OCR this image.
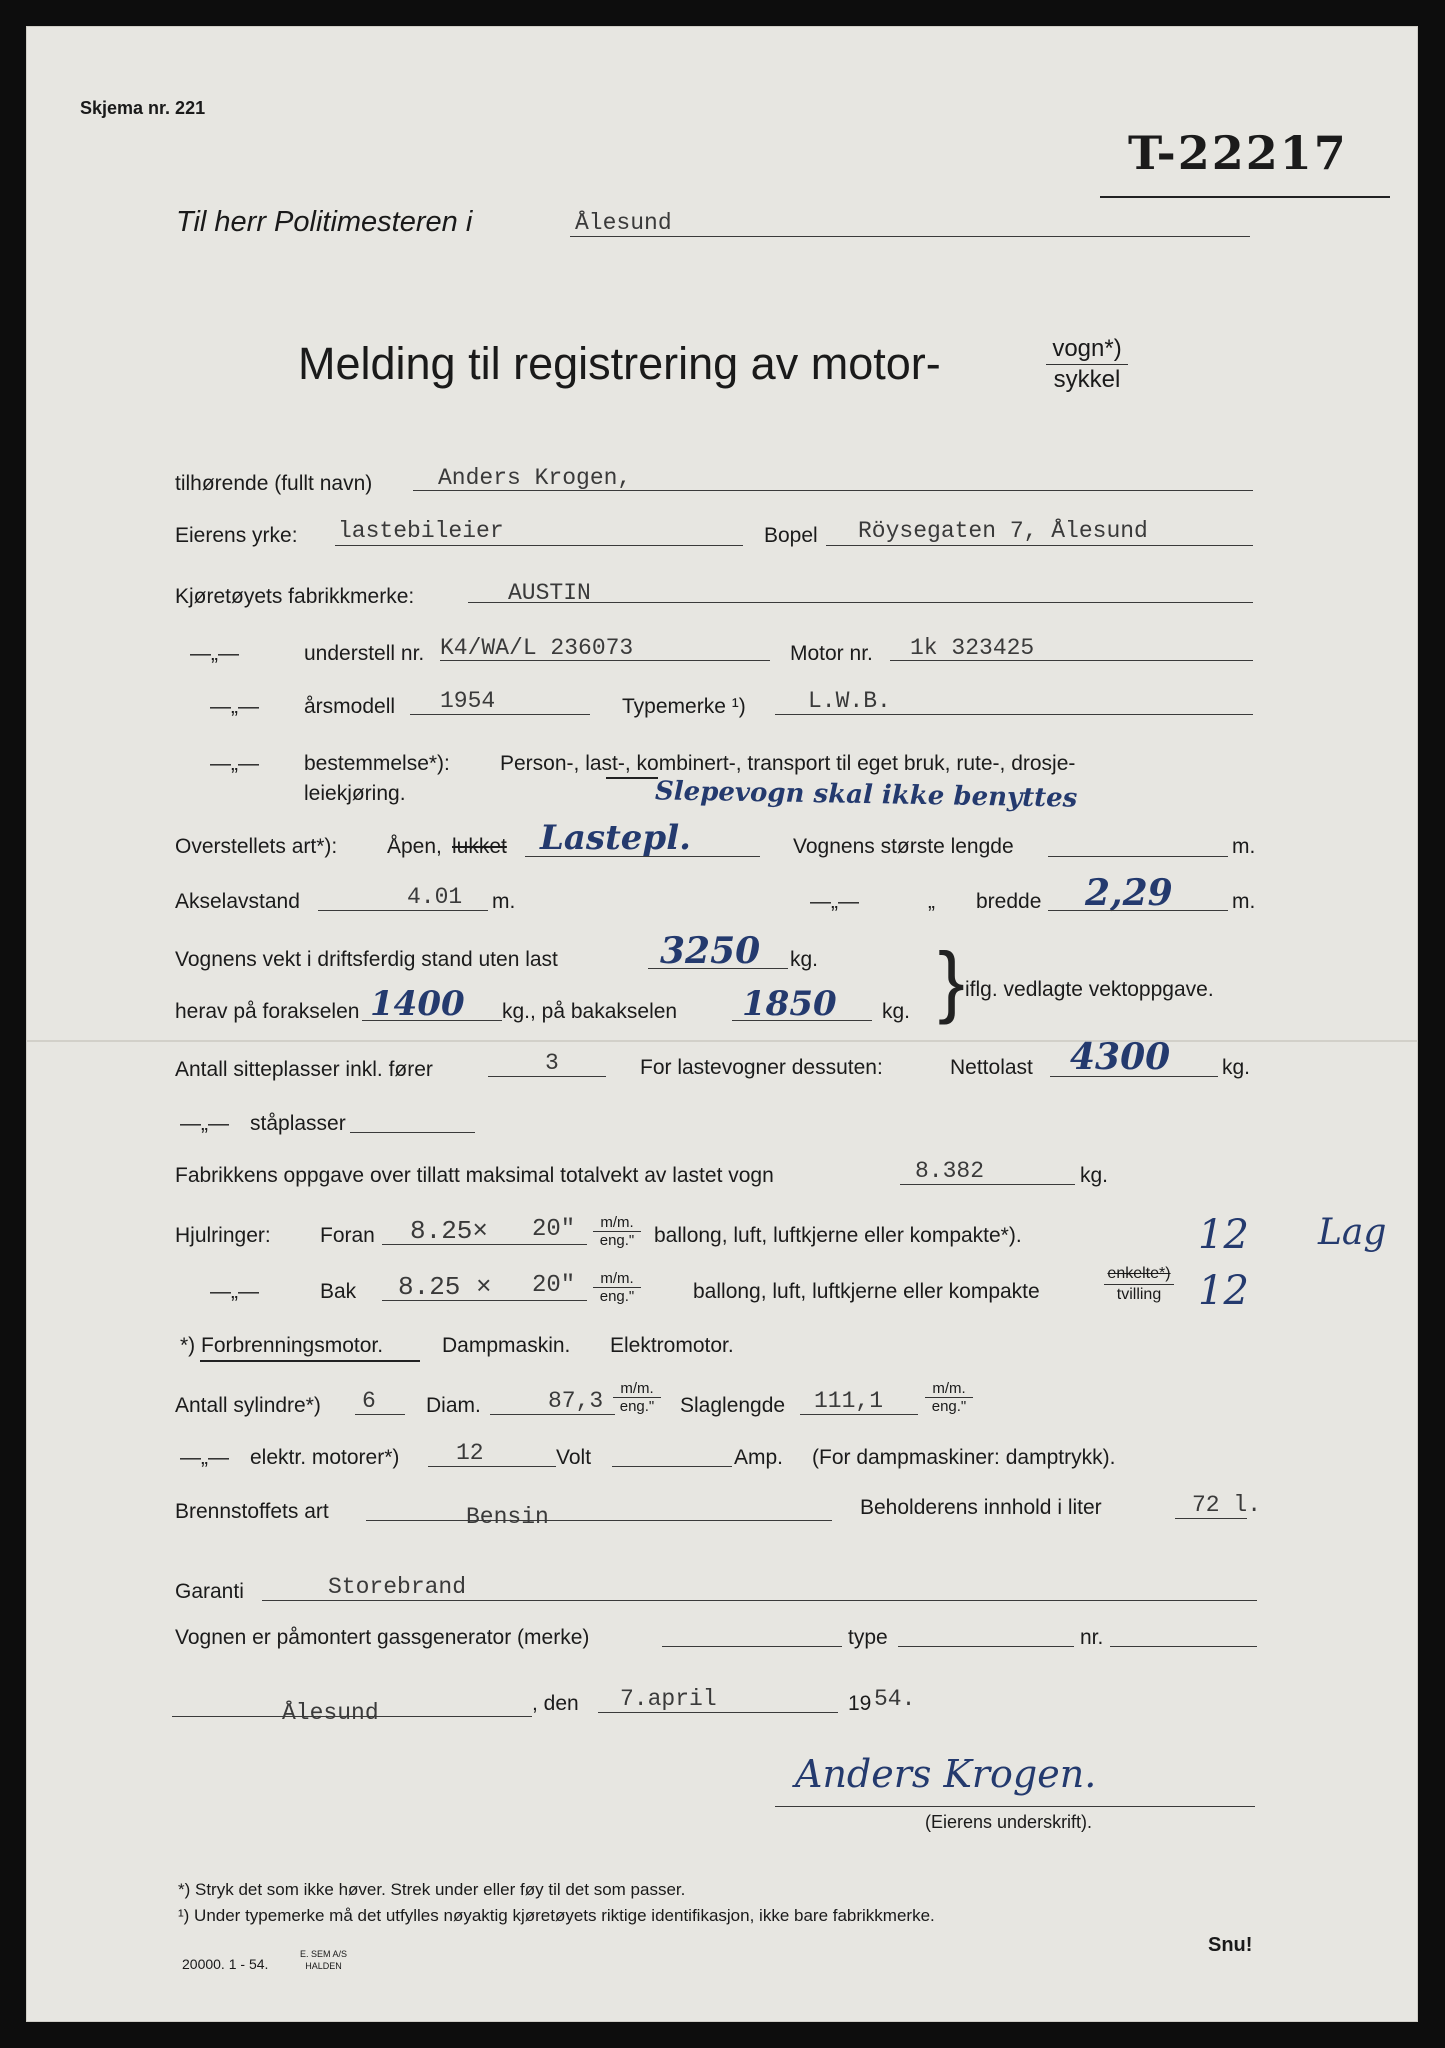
Skjema nr. 221
T-22217
Til herr Politimesteren i	Ålesund
Melding til registrering av motor-	vogn*)
sykkel
tilhørende (fullt navn)	Anders Krogen,
Eierens yrke: lastebileier	Bopel Röysegaten 7, Ålesund
Kjøretøyets fabrikkmerke:	AUSTIN
—„—	understell nr. K4/WA/L 236073	Motor nr. 1k 323425
—„— årsmodell 1954	Typemerke ¹)	L.W.B.
—„— bestemmelse*): Person-, last-, kombinert-, transport til eget bruk, rute-, drosje-
leiekjøring.	Slepevogn skal ikke benyttes
Overstellets art*): Åpen, lukket Lastepl.	Vognens største lengde	m.
Akselavstand	4.01 m.	—„—	„ bredde 2,29	m.
Vognens vekt i driftsferdig stand uten last	3250 kg.
herav på forakselen 1400 kg., på bakakselen 1850 kg. } iflg. vedlagte vektoppgave.
Antall sitteplasser inkl. fører	3	For lastevogner dessuten:	Nettolast 4300 kg.
—„— ståplasser
Fabrikkens oppgave over tillatt maksimal totalvekt av lastet vogn	8.382	kg.
Hjulringer: Foran 8.25× 20"	m/m.
eng." ballong, luft, luftkjerne eller kompakte*).	12 Lag
—„—	Bak 8.25 × 20"	m/m.
eng."	ballong, luft, luftkjerne eller kompakte
enkelte*)
tvilling 12
*) Forbrenningsmotor.	Dampmaskin. Elektromotor.
Antall sylindre*) 6 Diam.	87,3	m/m.
eng."	Slaglengde 111,1	m/m.
eng."
—„— elektr. motorer*) 12	Volt	Amp. (For dampmaskiner: damptrykk).
Brennstoffets art	Bensin	Beholderens innhold i liter	72 l.
Garanti	Storebrand
Vognen er påmontert gassgenerator (merke)	type	nr.
Ålesund	, den 7.april	19 54.
Anders Krogen.
(Eierens underskrift).
*) Stryk det som ikke høver. Strek under eller føy til det som passer.
¹) Under typemerke må det utfylles nøyaktig kjøretøyets riktige identifikasjon, ikke bare fabrikkmerke.
20000. 1 - 54.
E. SEM A/S
HALDEN
Snu!
